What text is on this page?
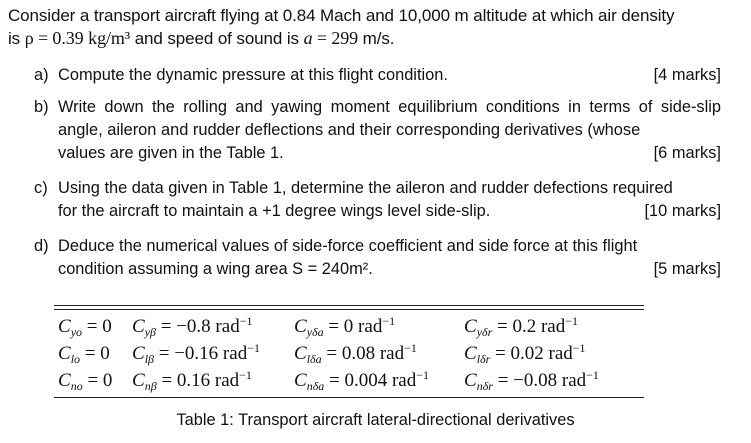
Consider a transport aircraft flying at 0.84 Mach and 10,000 m altitude at which air density
is ρ = 0.39 kg/m³ and speed of sound is a = 299 m/s.
a)	[4 marks]
Compute the dynamic pressure at this flight condition.
b) Write down the rolling and yawing moment equilibrium conditions in terms of side-slip angle, aileron and rudder deflections and their corresponding derivatives (whose
[6 marks]
values are given in the Table 1.
c) Using the data given in Table 1, determine the aileron and rudder defections required
[10 marks]
for the aircraft to maintain a +1 degree wings level side-slip.
d) Deduce the numerical values of side-force coefficient and side force at this flight
[5 marks]
condition assuming a wing area S = 240m².
$C_{yo} = 0$ $C_{y\beta} = -0.8$ rad$^{-1}$ $C_{y\delta a} = 0$ rad$^{-1}$	$C_{y\delta r} = 0.2$ rad$^{-1}$
$C_{lo} = 0$ $C_{l\beta} = -0.16$ rad$^{-1}$ $C_{l\delta a} = 0.08$ rad$^{-1}$ $C_{l\delta r} = 0.02$ rad$^{-1}$
$C_{no} = 0$ $C_{n\beta} = 0.16$ rad$^{-1}$ $C_{n\delta a} = 0.004$ rad$^{-1}$ $C_{n\delta r} = -0.08$ rad$^{-1}$
Table 1: Transport aircraft lateral-directional derivatives
